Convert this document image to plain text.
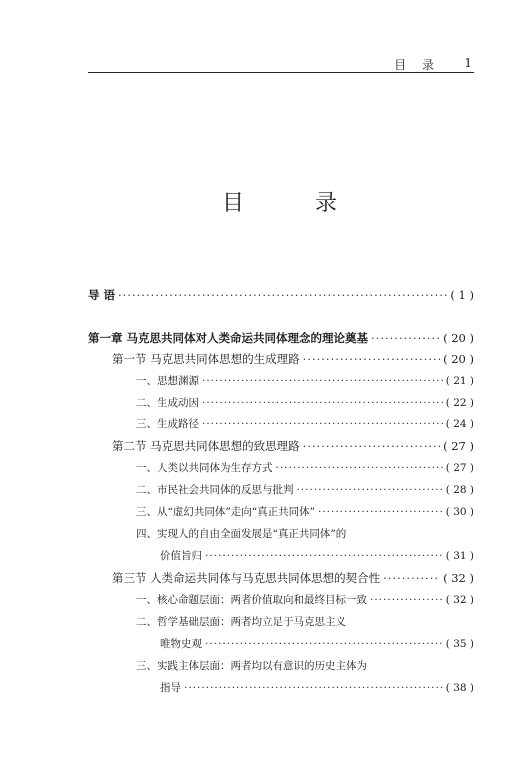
目 录 1
目 录
导 语 ·····	( 1 )
第一章 马克思共同体对人类命运共同体理念的理论奠基 ·····	( 20 )
第一节 马克思共同体思想的生成理路 ·····	( 20 )
一、思想渊源 ·····	( 21 )
二、生成动因 ·····	( 22 )
三、生成路径 ·····	( 24 )
第二节 马克思共同体思想的致思理路 ·····	( 27 )
一、人类以共同体为生存方式 ·····	( 27 )
二、市民社会共同体的反思与批判 ·····	( 28 )
三、从“虚幻共同体”走向“真正共同体” ·····	( 30 )
四、实现人的自由全面发展是“真正共同体”的
价值旨归 ·····	( 31 )
第三节 人类命运共同体与马克思共同体思想的契合性 ·····	( 32 )
一、核心命题层面：两者价值取向和最终目标一致 ·····	( 32 )
二、哲学基础层面：两者均立足于马克思主义
唯物史观 ·····	( 35 )
三、实践主体层面：两者均以有意识的历史主体为
指导 ·····	( 38 )
